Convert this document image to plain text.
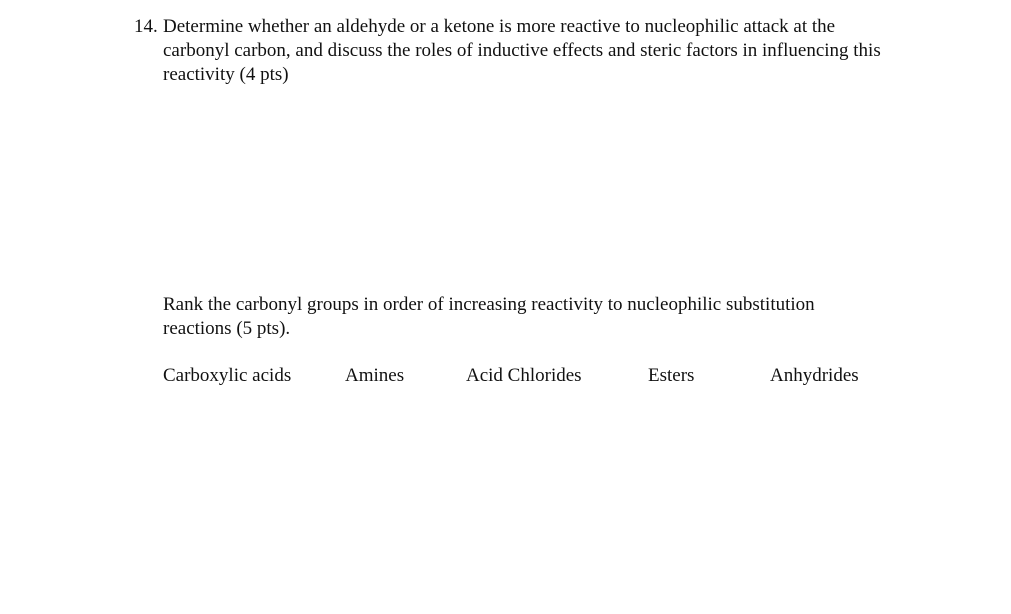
14. Determine whether an aldehyde or a ketone is more reactive to nucleophilic attack at the carbonyl carbon, and discuss the roles of inductive effects and steric factors in influencing this reactivity (4 pts)
Rank the carbonyl groups in order of increasing reactivity to nucleophilic substitution reactions (5 pts).
Carboxylic acids	Amines	Acid Chlorides	Esters	Anhydrides
